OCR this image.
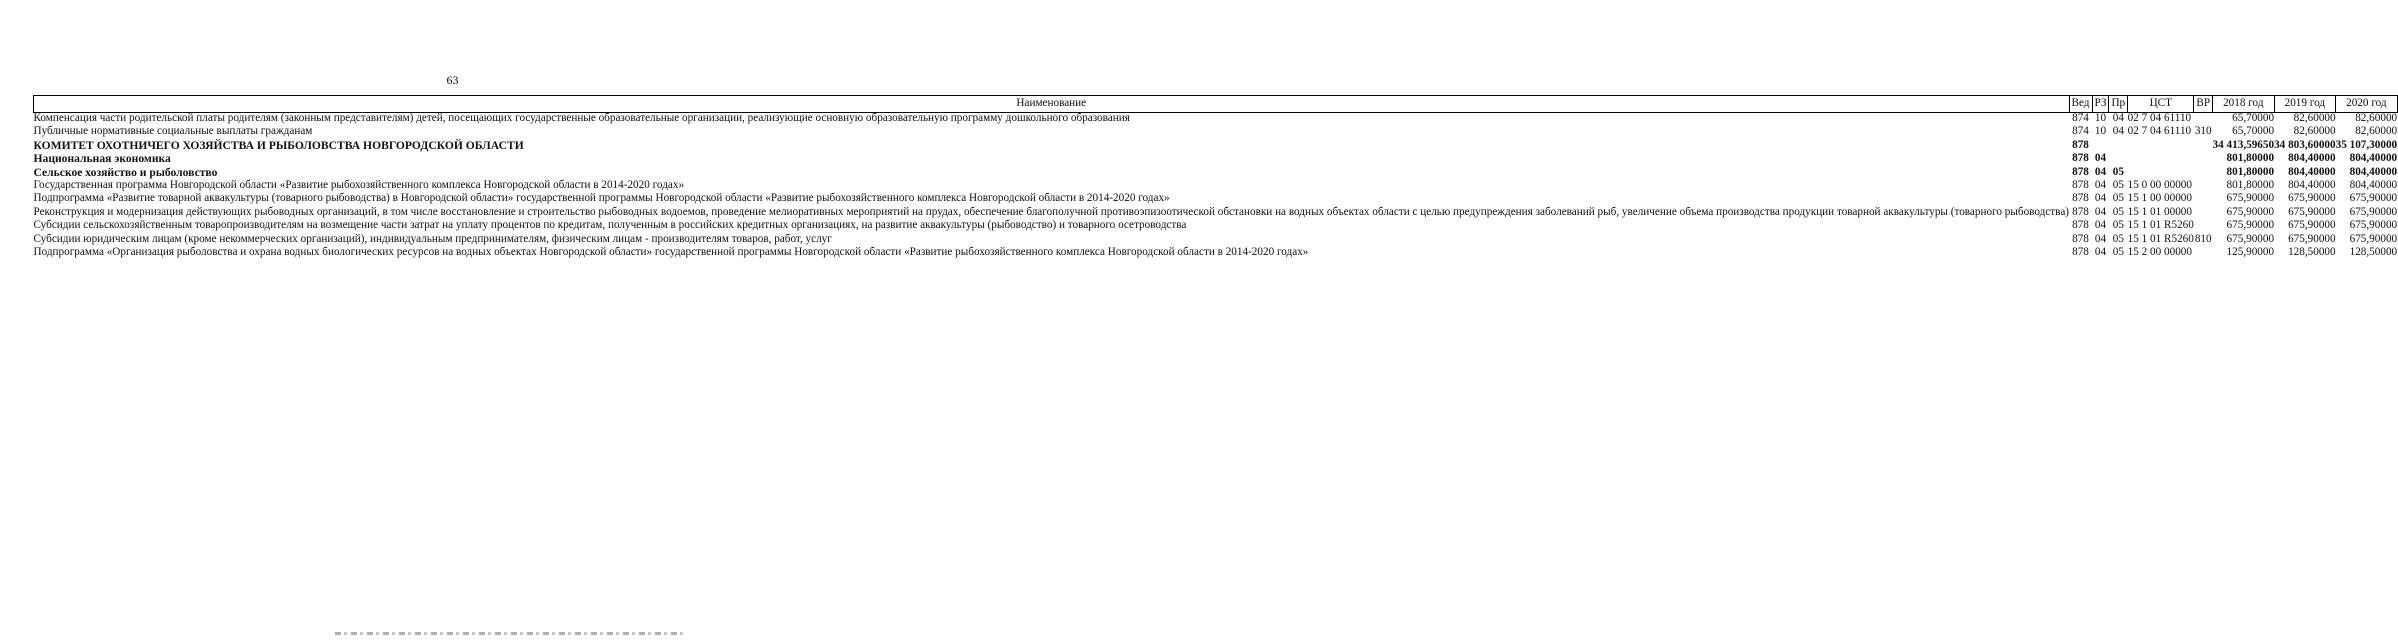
63
Наименование	Вед	РЗ	Пр	ЦСТ	ВР	2018 год	2019 год	2020 год
Компенсация части родительской платы родителям (законным представителям) детей, посещающих государственные образовательные организации, реализующие основную образовательную программу дошкольного образования	874	10	04	02 7 04 61110		65,70000	82,60000	82,60000
Публичные нормативные социальные выплаты гражданам	874	10	04	02 7 04 61110	310	65,70000	82,60000	82,60000
КОМИТЕТ ОХОТНИЧЕГО ХОЗЯЙСТВА И РЫБОЛОВСТВА НОВГОРОДСКОЙ ОБЛАСТИ	878					34 413,59650	34 803,60000	35 107,30000
Национальная экономика	878	04				801,80000	804,40000	804,40000
Сельское хозяйство и рыболовство	878	04	05			801,80000	804,40000	804,40000
Государственная программа Новгородской области «Развитие рыбохозяйственного комплекса Новгородской области в 2014-2020 годах»	878	04	05	15 0 00 00000		801,80000	804,40000	804,40000
Подпрограмма «Развитие товарной аквакультуры (товарного рыбоводства) в Новгородской области» государственной программы Новгородской области «Развитие рыбохозяйственного комплекса Новгородской области в 2014-2020 годах»	878	04	05	15 1 00 00000		675,90000	675,90000	675,90000
Реконструкция и модернизация действующих рыбоводных организаций, в том числе восстановление и строительство рыбоводных водоемов, проведение мелиоративных мероприятий на прудах, обеспечение благополучной противоэпизоотической обстановки на водных объектах области с целью предупреждения заболеваний рыб, увеличение объема производства продукции товарной аквакультуры (товарного рыбоводства)	878	04	05	15 1 01 00000		675,90000	675,90000	675,90000
Субсидии сельскохозяйственным товаропроизводителям на возмещение части затрат на уплату процентов по кредитам, полученным в российских кредитных организациях, на развитие аквакультуры (рыбоводство) и товарного осетроводства	878	04	05	15 1 01 R5260		675,90000	675,90000	675,90000
Субсидии юридическим лицам (кроме некоммерческих организаций), индивидуальным предпринимателям, физическим лицам - производителям товаров, работ, услуг	878	04	05	15 1 01 R5260	810	675,90000	675,90000	675,90000
Подпрограмма «Организация рыболовства и охрана водных биологических ресурсов на водных объектах Новгородской области» государственной программы Новгородской области «Развитие рыбохозяйственного комплекса Новгородской области в 2014-2020 годах»	878	04	05	15 2 00 00000		125,90000	128,50000	128,50000
